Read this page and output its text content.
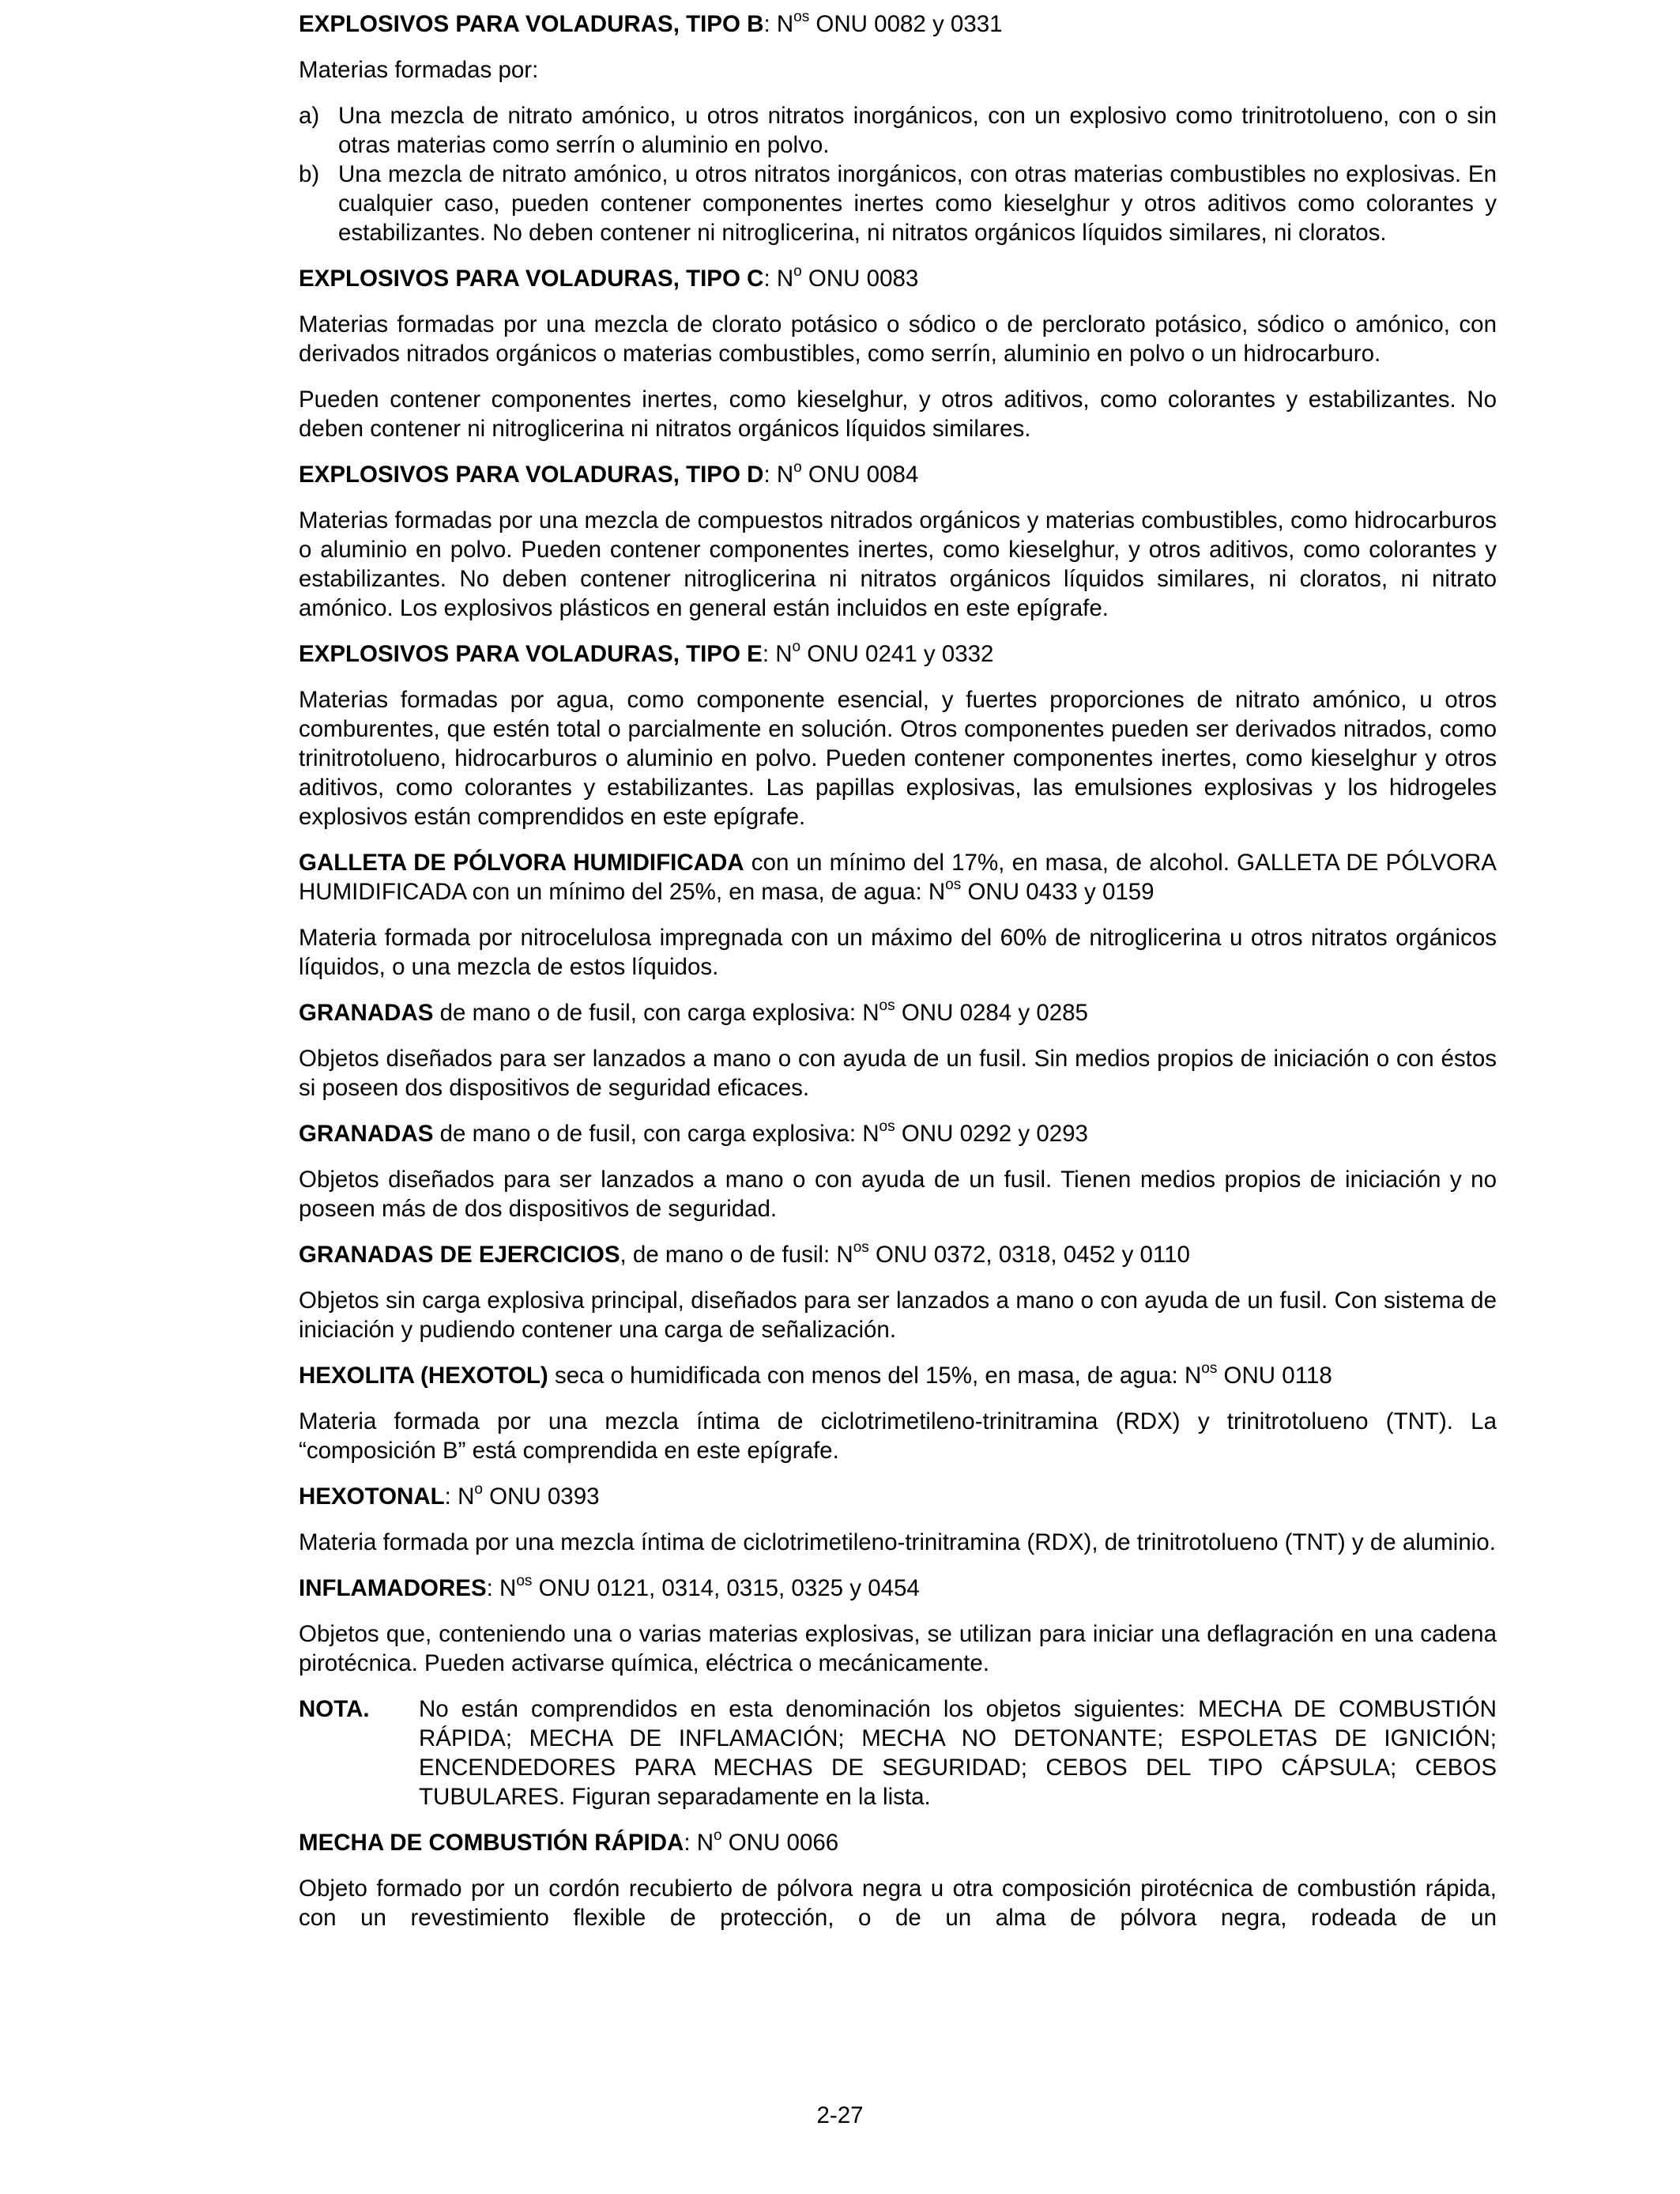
EXPLOSIVOS PARA VOLADURAS, TIPO B: $N^{os}$ ONU 0082 y 0331
Materias formadas por:
a) Una mezcla de nitrato amónico, u otros nitratos inorgánicos, con un explosivo como trinitrotolueno, con o sin otras materias como serrín o aluminio en polvo.
b) Una mezcla de nitrato amónico, u otros nitratos inorgánicos, con otras materias combustibles no explosivas. En cualquier caso, pueden contener componentes inertes como kieselghur y otros aditivos como colorantes y estabilizantes. No deben contener ni nitroglicerina, ni nitratos orgánicos líquidos similares, ni cloratos.
EXPLOSIVOS PARA VOLADURAS, TIPO C: $N^o$ ONU 0083
Materias formadas por una mezcla de clorato potásico o sódico o de perclorato potásico, sódico o amónico, con derivados nitrados orgánicos o materias combustibles, como serrín, aluminio en polvo o un hidrocarburo.
Pueden contener componentes inertes, como kieselghur, y otros aditivos, como colorantes y estabilizantes. No deben contener ni nitroglicerina ni nitratos orgánicos líquidos similares.
EXPLOSIVOS PARA VOLADURAS, TIPO D: $N^o$ ONU 0084
Materias formadas por una mezcla de compuestos nitrados orgánicos y materias combustibles, como hidrocarburos o aluminio en polvo. Pueden contener componentes inertes, como kieselghur, y otros aditivos, como colorantes y estabilizantes. No deben contener nitroglicerina ni nitratos orgánicos líquidos similares, ni cloratos, ni nitrato amónico. Los explosivos plásticos en general están incluidos en este epígrafe.
EXPLOSIVOS PARA VOLADURAS, TIPO E: $N^o$ ONU 0241 y 0332
Materias formadas por agua, como componente esencial, y fuertes proporciones de nitrato amónico, u otros comburentes, que estén total o parcialmente en solución. Otros componentes pueden ser derivados nitrados, como trinitrotolueno, hidrocarburos o aluminio en polvo. Pueden contener componentes inertes, como kieselghur y otros aditivos, como colorantes y estabilizantes. Las papillas explosivas, las emulsiones explosivas y los hidrogeles explosivos están comprendidos en este epígrafe.
GALLETA DE PÓLVORA HUMIDIFICADA con un mínimo del 17%, en masa, de alcohol. GALLETA DE PÓLVORA HUMIDIFICADA con un mínimo del 25%, en masa, de agua: $N^{os}$ ONU 0433 y 0159
Materia formada por nitrocelulosa impregnada con un máximo del 60% de nitroglicerina u otros nitratos orgánicos líquidos, o una mezcla de estos líquidos.
GRANADAS de mano o de fusil, con carga explosiva: $N^{os}$ ONU 0284 y 0285
Objetos diseñados para ser lanzados a mano o con ayuda de un fusil. Sin medios propios de iniciación o con éstos si poseen dos dispositivos de seguridad eficaces.
GRANADAS de mano o de fusil, con carga explosiva: $N^{os}$ ONU 0292 y 0293
Objetos diseñados para ser lanzados a mano o con ayuda de un fusil. Tienen medios propios de iniciación y no poseen más de dos dispositivos de seguridad.
GRANADAS DE EJERCICIOS, de mano o de fusil: $N^{os}$ ONU 0372, 0318, 0452 y 0110
Objetos sin carga explosiva principal, diseñados para ser lanzados a mano o con ayuda de un fusil. Con sistema de iniciación y pudiendo contener una carga de señalización.
HEXOLITA (HEXOTOL) seca o humidificada con menos del 15%, en masa, de agua: $N^{os}$ ONU 0118
Materia formada por una mezcla íntima de ciclotrimetileno-trinitramina (RDX) y trinitrotolueno (TNT). La “composición B” está comprendida en este epígrafe.
HEXOTONAL: $N^o$ ONU 0393
Materia formada por una mezcla íntima de ciclotrimetileno-trinitramina (RDX), de trinitrotolueno (TNT) y de aluminio.
INFLAMADORES: $N^{os}$ ONU 0121, 0314, 0315, 0325 y 0454
Objetos que, conteniendo una o varias materias explosivas, se utilizan para iniciar una deflagración en una cadena pirotécnica. Pueden activarse química, eléctrica o mecánicamente.
NOTA.	No están comprendidos en esta denominación los objetos siguientes: MECHA DE COMBUSTIÓN RÁPIDA; MECHA DE INFLAMACIÓN; MECHA NO DETONANTE; ESPOLETAS DE IGNICIÓN; ENCENDEDORES PARA MECHAS DE SEGURIDAD; CEBOS DEL TIPO CÁPSULA; CEBOS TUBULARES. Figuran separadamente en la lista.
MECHA DE COMBUSTIÓN RÁPIDA: $N^o$ ONU 0066
Objeto formado por un cordón recubierto de pólvora negra u otra composición pirotécnica de combustión rápida, con un revestimiento flexible de protección, o de un alma de pólvora negra, rodeada de un
2-27
